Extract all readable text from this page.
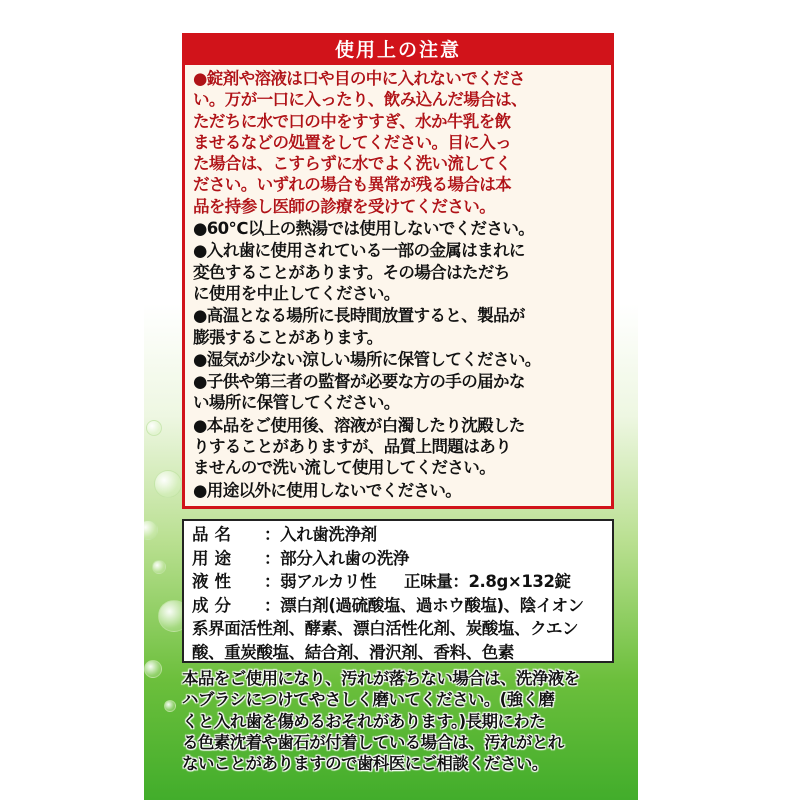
使用上の注意

●錠剤や溶液は口や目の中に入れないでくださ

い。万が一口に入ったり、飲み込んだ場合は、

ただちに水で口の中をすすぎ、水か牛乳を飲

ませるなどの処置をしてください。目に入っ

た場合は、こすらずに水でよく洗い流してく

ださい。いずれの場合も異常が残る場合は本

品を持参し医師の診療を受けてください。

●60℃以上の熱湯では使用しないでください。

●入れ歯に使用されている一部の金属はまれに

変色することがあります。その場合はただち

に使用を中止してください。

●高温となる場所に長時間放置すると、製品が

膨張することがあります。

●湿気が少ない涼しい場所に保管してください。

●子供や第三者の監督が必要な方の手の届かな

い場所に保管してください。

●本品をご使用後、溶液が白濁したり沈殿した

りすることがありますが、品質上問題はあり

ませんので洗い流して使用してください。

●用途以外に使用しないでください。

品名 ：入れ歯洗浄剤
用途 ：部分入れ歯の洗浄
液性 ：弱アルカリ性 正味量：2.8g×132錠
成分 ：漂白剤(過硫酸塩、過ホウ酸塩)、陰イオン
系界面活性剤、酵素、漂白活性化剤、炭酸塩、クエン
酸、重炭酸塩、結合剤、滑沢剤、香料、色素
本品をご使用になり、汚れが落ちない場合は、洗浄液を
ハブラシにつけてやさしく磨いてください。(強く磨
くと入れ歯を傷めるおそれがあります。)長期にわた
る色素沈着や歯石が付着している場合は、汚れがとれ
ないことがありますので歯科医にご相談ください。
